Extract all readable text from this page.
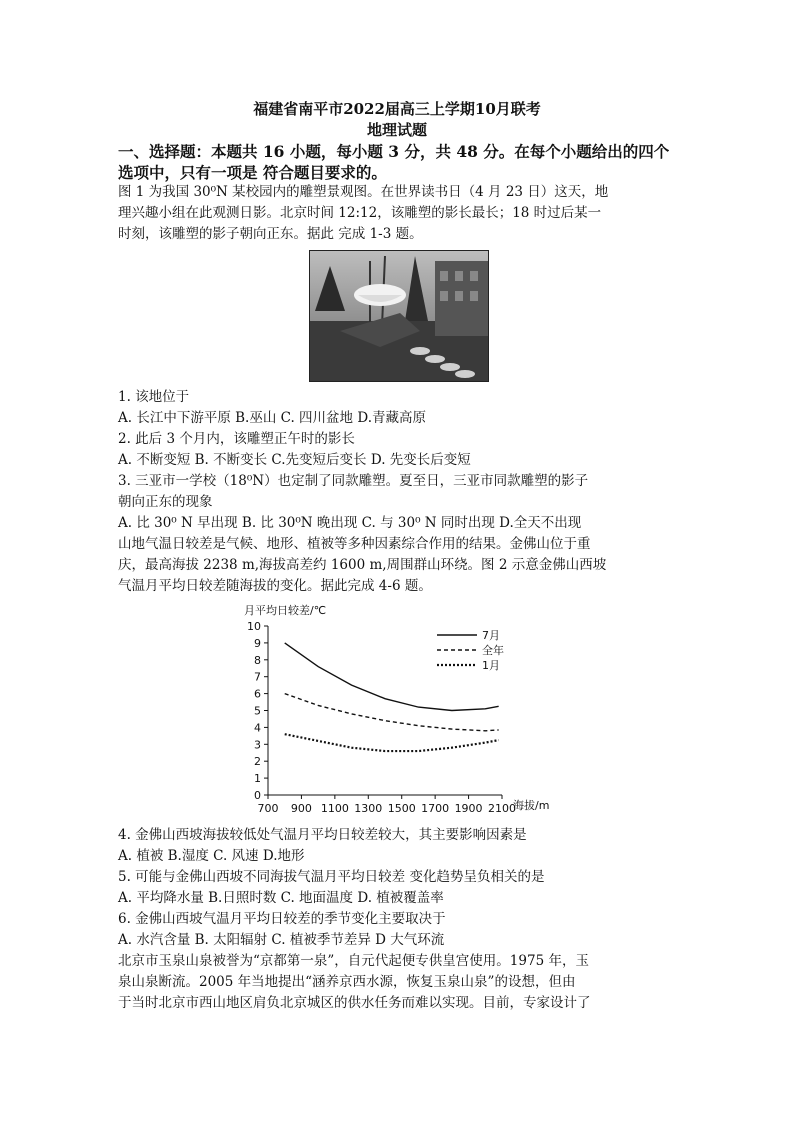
福建省南平市2022届高三上学期10月联考
地理试题
一、选择题：本题共 16 小题，每小题 3 分，共 48 分。在每个小题给出的四个
选项中，只有一项是 符合题目要求的。
图 1 为我国 30⁰N 某校园内的雕塑景观图。在世界读书日（4 月 23 日）这天，地
理兴趣小组在此观测日影。北京时间 12:12，该雕塑的影长最长；18 时过后某一
时刻，该雕塑的影子朝向正东。据此 完成 1-3 题。
1. 该地位于
A. 长江中下游平原 B.巫山 C. 四川盆地 D.青藏高原
2. 此后 3 个月内，该雕塑正午时的影长
A. 不断变短 B. 不断变长 C.先变短后变长 D. 先变长后变短
3. 三亚市一学校（18⁰N）也定制了同款雕塑。夏至日，三亚市同款雕塑的影子
朝向正东的现象
A. 比 30⁰ N 早出现 B. 比 30⁰N 晚出现 C. 与 30⁰ N 同时出现 D.全天不出现
山地气温日较差是气候、地形、植被等多种因素综合作用的结果。金佛山位于重
庆，最高海拔 2238 m,海拔高差约 1600 m,周围群山环绕。图 2 示意金佛山西坡
气温月平均日较差随海拔的变化。据此完成 4-6 题。
月平均日较差/℃
海拔/m
0
1
2
3
4
5
6
7
8
9
10
700 900 1100 1300 1500 1700 1900 2100
7月
全年
1月
4. 金佛山西坡海拔较低处气温月平均日较差较大，其主要影响因素是
A. 植被 B.湿度 C. 风速 D.地形
5. 可能与金佛山西坡不同海拔气温月平均日较差 变化趋势呈负相关的是
A. 平均降水量 B.日照时数 C. 地面温度 D. 植被覆盖率
6. 金佛山西坡气温月平均日较差的季节变化主要取决于
A. 水汽含量 B. 太阳辐射 C. 植被季节差异 D 大气环流
北京市玉泉山泉被誉为“京都第一泉”，自元代起便专供皇宫使用。1975 年，玉
泉山泉断流。2005 年当地提出“涵养京西水源，恢复玉泉山泉”的设想，但由
于当时北京市西山地区肩负北京城区的供水任务而难以实现。目前，专家设计了
